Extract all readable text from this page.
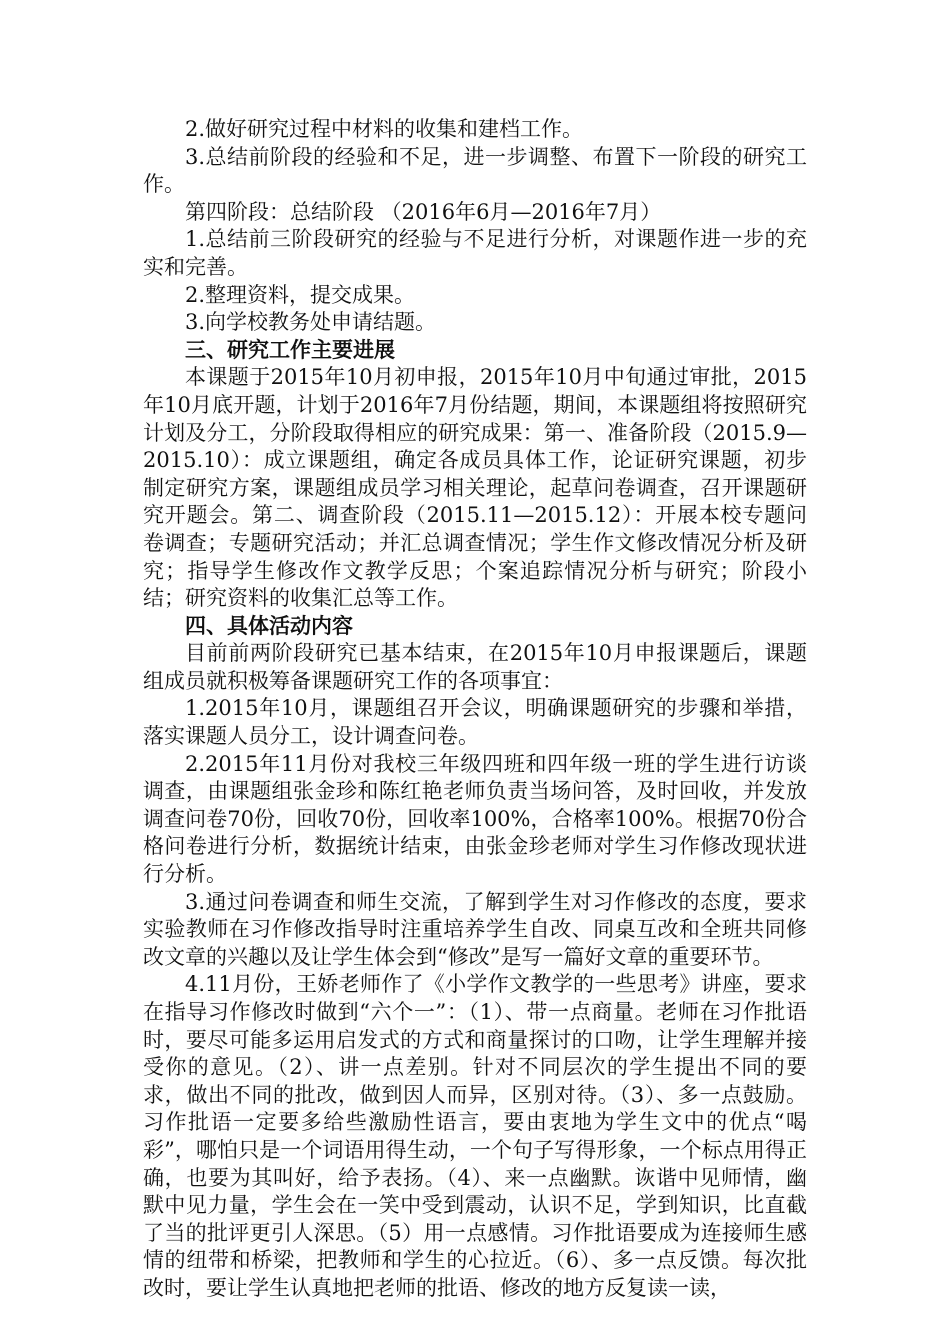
2.做好研究过程中材料的收集和建档工作。

3.总结前阶段的经验和不足，进一步调整、布置下一阶段的研究工作。

第四阶段：总结阶段 （2016年6月—2016年7月）

1.总结前三阶段研究的经验与不足进行分析，对课题作进一步的充实和完善。

2.整理资料，提交成果。

3.向学校教务处申请结题。

三、研究工作主要进展

本课题于2015年10月初申报，2015年10月中旬通过审批，2015年10月底开题，计划于2016年7月份结题，期间，本课题组将按照研究计划及分工，分阶段取得相应的研究成果：第一、准备阶段（2015.9—2015.10）：成立课题组，确定各成员具体工作，论证研究课题，初步制定研究方案，课题组成员学习相关理论，起草问卷调查，召开课题研究开题会。第二、调查阶段（2015.11—2015.12）：开展本校专题问卷调查；专题研究活动；并汇总调查情况；学生作文修改情况分析及研究；指导学生修改作文教学反思；个案追踪情况分析与研究；阶段小结；研究资料的收集汇总等工作。

四、具体活动内容

目前前两阶段研究已基本结束，在2015年10月申报课题后，课题组成员就积极筹备课题研究工作的各项事宜：

1.2015年10月，课题组召开会议，明确课题研究的步骤和举措，落实课题人员分工，设计调查问卷。

2.2015年11月份对我校三年级四班和四年级一班的学生进行访谈调查，由课题组张金珍和陈红艳老师负责当场问答，及时回收，并发放调查问卷70份，回收70份，回收率100%，合格率100%。根据70份合格问卷进行分析，数据统计结束，由张金珍老师对学生习作修改现状进行分析。

3.通过问卷调查和师生交流，了解到学生对习作修改的态度，要求实验教师在习作修改指导时注重培养学生自改、同桌互改和全班共同修改文章的兴趣以及让学生体会到“修改”是写一篇好文章的重要环节。

4.11月份，王娇老师作了《小学作文教学的一些思考》讲座，要求在指导习作修改时做到“六个一”：（1）、带一点商量。老师在习作批语时，要尽可能多运用启发式的方式和商量探讨的口吻，让学生理解并接受你的意见。（2）、讲一点差别。针对不同层次的学生提出不同的要求，做出不同的批改，做到因人而异，区别对待。（3）、多一点鼓励。习作批语一定要多给些激励性语言，要由衷地为学生文中的优点“喝彩”，哪怕只是一个词语用得生动，一个句子写得形象，一个标点用得正确，也要为其叫好，给予表扬。（4）、来一点幽默。诙谐中见师情，幽默中见力量，学生会在一笑中受到震动，认识不足，学到知识，比直截了当的批评更引人深思。（5）用一点感情。习作批语要成为连接师生感情的纽带和桥梁，把教师和学生的心拉近。（6）、多一点反馈。每次批改时，要让学生认真地把老师的批语、修改的地方反复读一读，
